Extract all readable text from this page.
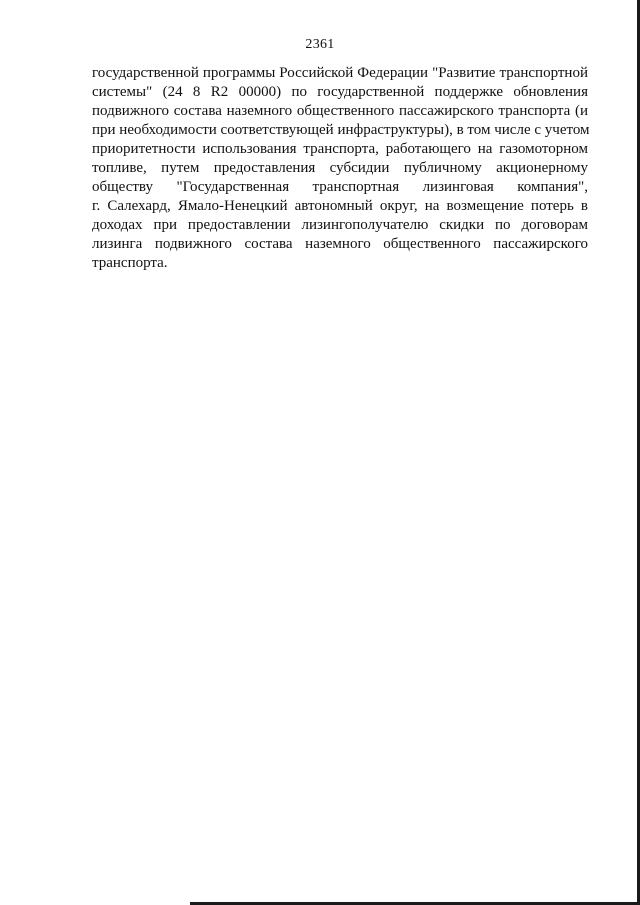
2361
государственной программы Российской Федерации "Развитие транспортной
системы" (24 8 R2 00000) по государственной поддержке обновления
подвижного состава наземного общественного пассажирского транспорта (и
при необходимости соответствующей инфраструктуры), в том числе с учетом
приоритетности использования транспорта, работающего на газомоторном
топливе, путем предоставления субсидии публичному акционерному
обществу "Государственная транспортная лизинговая компания",
г. Салехард, Ямало-Ненецкий автономный округ, на возмещение потерь в
доходах при предоставлении лизингополучателю скидки по договорам
лизинга подвижного состава наземного общественного пассажирского
транспорта.
